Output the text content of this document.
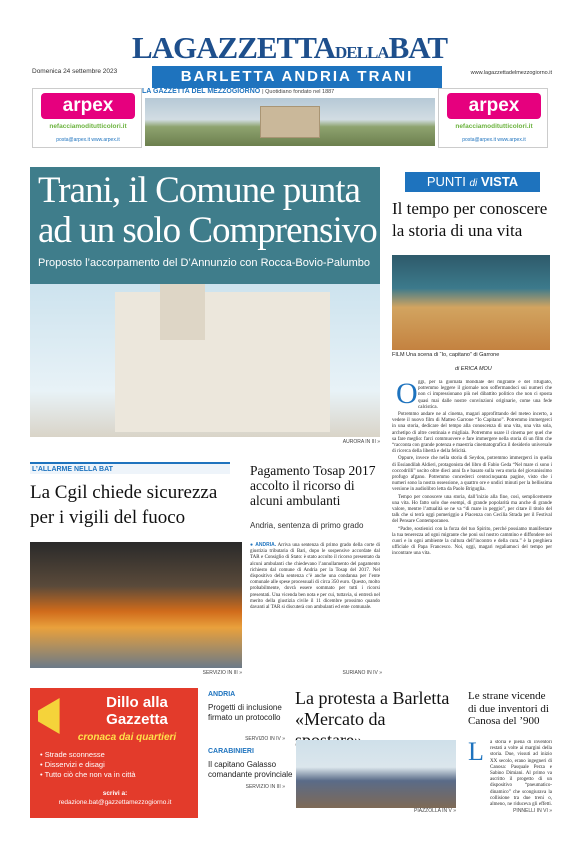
LAGAZZETTADELLABAT
Domenica 24 settembre 2023	BARLETTA ANDRIA TRANI	www.lagazzettadelmezzogiorno.it
LA GAZZETTA DEL MEZZOGIORNO | Quotidiano fondato nel 1887
arpex
nefacciamoditutticolori.it
posta@arpex.it www.arpex.it
arpex
nefacciamoditutticolori.it
posta@arpex.it www.arpex.it
Trani, il Comune punta ad un solo Comprensivo
Proposto l’accorpamento del D’Annunzio con Rocca-Bovio-Palumbo
AURORA IN III »
PUNTI di VISTA
Il tempo per conoscere la storia di una vita
FILM Una scena di “Io, capitano” di Garrone
di ERICA MOU

ggi, per la giornata mondiale del migrante e del rifugiato, potremmo leggere il giornale non soffermandoci sui numeri che non ci impressionano più nel dibattito politico che non ci sposta quasi mai dalle nostre convinzioni originarie, come una fede calcistica.

Potremmo andare ne al cinema, magari approfittando del meteo incerto, a vedere il nuovo film di Matteo Garrone “Io Capitano”. Potremmo immergerci in una storia, dedicare del tempo alla conoscenza di una vita, una vita sola, archetipo di altre centinaia e migliaia. Potremmo usare il cinema per quel che sa fare meglio: farci commuovere e fare immergere nella storia di un film che “racconta con grande potenza e maestria cinematografica il desiderio universale di ricerca della libertà e della felicità.

Oppure, invece che nella storia di Seydou, potremmo immergerci in quella di Essiandilah Aldieri, protagonista del libro di Fabio Geda “Nel mare ci sono i coccodrilli” uscito oltre dieci anni fa e basato sulla vera storia del giovanissimo profugo afgano. Potremmo concederci centocinquanta pagine, visto che i numeri sono la nostra ossessione, a quattro ore e undici minuti per la bellissima versione in audiolibro letta da Paolo Briguglia.

Tempo per conoscere una storia, dall’inizio alla fine, così, semplicemente una vita. Ho fatto solo due esempi, di grande popolarità ma anche di grande valore, mentre l’attualità se ne va “di mare in peggio”, per citare il titolo del talk che si terrà oggi pomeriggio a Piacenza con Cecilia Strada per il Festival del Pensare Contemporaneo.

“Padre, sostienici con la forza del tuo Spirito, perché possiamo manifestare la tua tenerezza ad ogni migrante che poni sul nostro cammino e diffondere nei cuori e in ogni ambiente la cultura dell’incontro e della cura.” è la preghiera ufficiale di Papa Francesco. Noi, oggi, magari regaliamoci del tempo per incontrare una vita.

O
L’ALLARME NELLA BAT
La Cgil chiede sicurezza per i vigili del fuoco
SERVIZIO IN III »
Pagamento Tosap 2017 accolto il ricorso di alcuni ambulanti
Andria, sentenza di primo grado
● ANDRIA. Arriva una sentenza di primo grado della corte di giustizia tributaria di Bari, dopo le sospensive accordate dal TAR e Consiglio di Stato: è stato accolto il ricorso presentato da alcuni ambulanti che chiedevano l’annullamento del pagamento richiesto dal comune di Andria per la Tosap del 2017. Nel dispositivo della sentenza c’è anche una condanna per l’ente comunale alle spese processuali di circa 350 euro. Questo, molto probabilmente, dovrà essere sommato per tutti i ricorsi presentati. Una vicenda ben nota e per cui, tuttavia, si entrerà nel merito della giustizia civile il 11 dicembre prossimo quando davanti al TAR si discuterà con ambulanti ed ente comunale.
SURIANO IN IV »
Dillo alla Gazzetta
cronaca dai quartieri
• Strade sconnesse
• Disservizi e disagi
• Tutto ciò che non va in città
scrivi a:
redazione.bat@gazzettamezzogiorno.it
ANDRIA
Progetti di inclusione firmato un protocollo
SERVIZIO IN IV »
CARABINIERI
Il capitano Galasso comandante provinciale
SERVIZIO IN III »
La protesta a Barletta «Mercato da
PIAZZOLLA IN V »
Le strane vicende di due inventori di Canosa del ’900
L	a storia è piena di inventori restati a volte ai margini della storia. Due, vissuti ad inizio XX secolo, erano ingegneri di Canosa: Pasquale Perza e Sabino Dimiani. Al primo va ascritto il progetto di un dispositivo “pneumatico-dinamico” che scongiurava la collisione tra due treni o, almeno, ne riduceva gli effetti.
PINNELLI IN VI »
